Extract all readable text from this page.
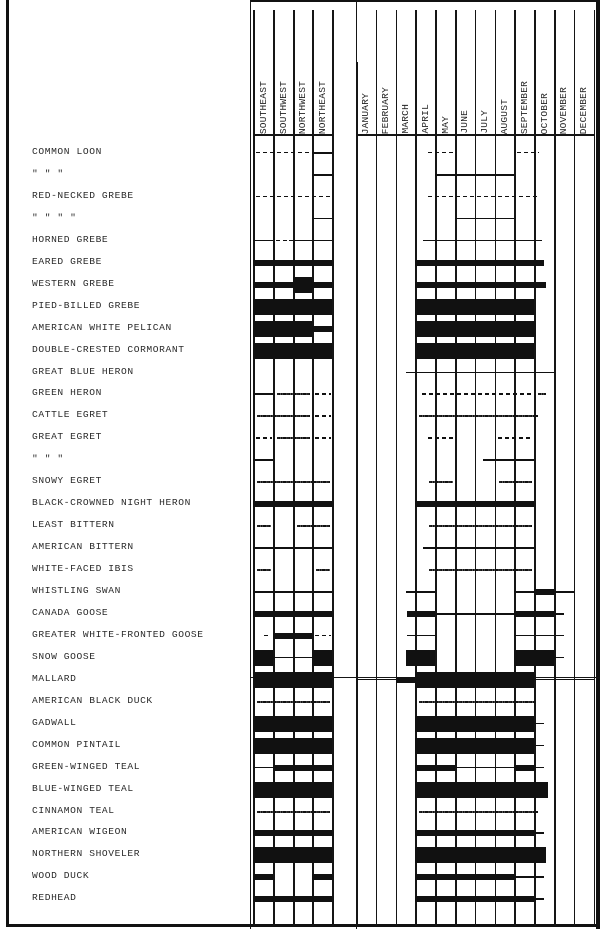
SOUTHEAST SOUTHWEST NORTHWEST NORTHEAST	JANUARY FEBRUARY MARCH APRIL MAY JUNE JULY AUGUST SEPTEMBER OCTOBER NOVEMBER DECEMBER
COMMON LOON
" " "
RED-NECKED GREBE
" " " "
HORNED GREBE
EARED GREBE
WESTERN GREBE
PIED-BILLED GREBE
AMERICAN WHITE PELICAN
DOUBLE-CRESTED CORMORANT
GREAT BLUE HERON
GREEN HERON
CATTLE EGRET
GREAT EGRET
" " "
SNOWY EGRET
BLACK-CROWNED NIGHT HERON
LEAST BITTERN
AMERICAN BITTERN
WHITE-FACED IBIS
WHISTLING SWAN
CANADA GOOSE
GREATER WHITE-FRONTED GOOSE
SNOW GOOSE
MALLARD
AMERICAN BLACK DUCK
GADWALL
COMMON PINTAIL
GREEN-WINGED TEAL
BLUE-WINGED TEAL
CINNAMON TEAL
AMERICAN WIGEON
NORTHERN SHOVELER
WOOD DUCK
REDHEAD
